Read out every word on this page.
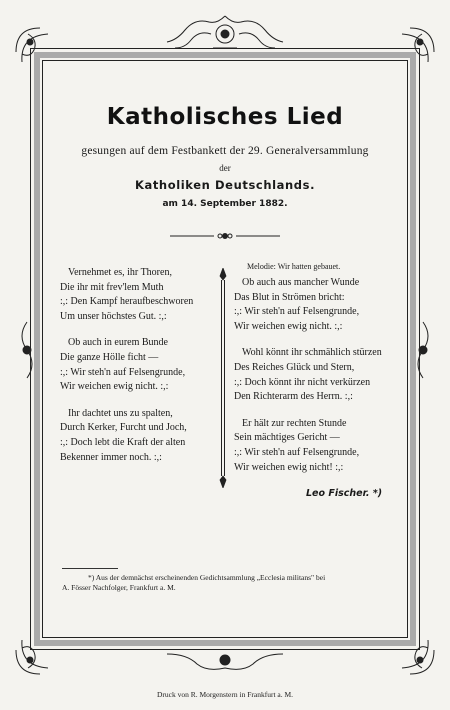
Katholisches Lied
gesungen auf dem Festbankett der 29. Generalversammlung
der
Katholiken Deutschlands.
am 14. September 1882.
Melodie: Wir hatten gebauet.
Vernehmet es, ihr Thoren,
Die ihr mit frev'lem Muth
:,: Den Kampf heraufbeschworen
Um unser höchstes Gut. :,:
Ob auch in eurem Bunde
Die ganze Hölle ficht —
:,: Wir steh'n auf Felsengrunde,
Wir weichen ewig nicht. :,:
Ihr dachtet uns zu spalten,
Durch Kerker, Furcht und Joch,
:,: Doch lebt die Kraft der alten
Bekenner immer noch. :,:
Ob auch aus mancher Wunde
Das Blut in Strömen bricht:
:,: Wir steh'n auf Felsengrunde,
Wir weichen ewig nicht. :,:
Wohl könnt ihr schmählich stürzen
Des Reiches Glück und Stern,
:,: Doch könnt ihr nicht verkürzen
Den Richterarm des Herrn. :,:
Er hält zur rechten Stunde
Sein mächtiges Gericht —
:,: Wir steh'n auf Felsengrunde,
Wir weichen ewig nicht! :,:
Leo Fischer. *)
*) Aus der demnächst erscheinenden Gedichtsammlung „Ecclesia militans" bei
A. Fösser Nachfolger, Frankfurt a. M.
Druck von R. Morgenstern in Frankfurt a. M.
